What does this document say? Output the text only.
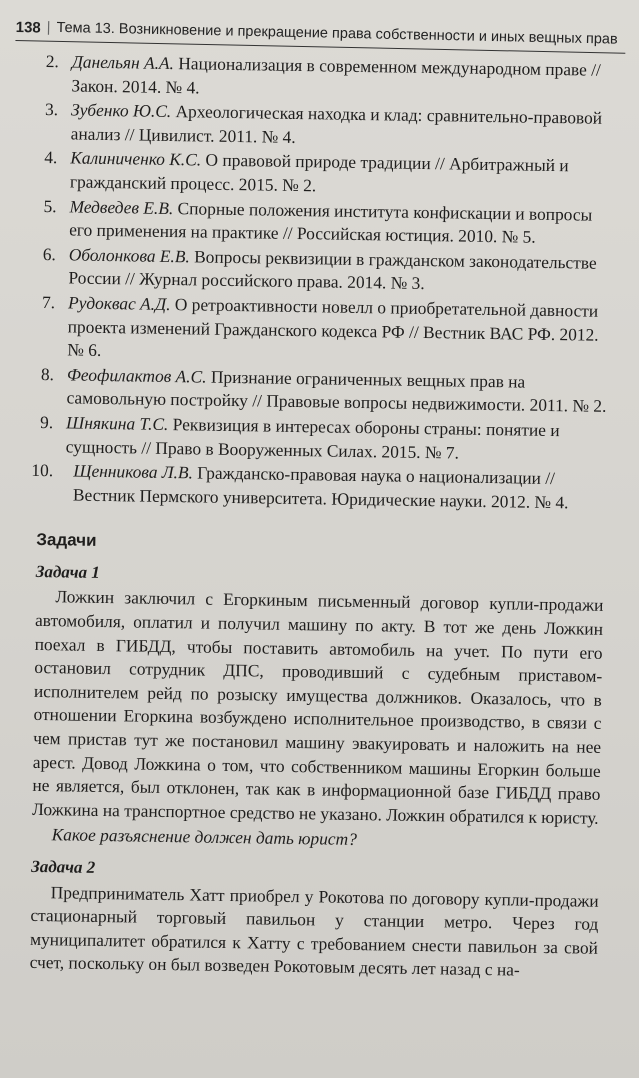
138 | Тема 13. Возникновение и прекращение права собственности и иных вещных прав
2. Данельян А.А. Национализация в современном международном праве // Закон. 2014. № 4.
3. Зубенко Ю.С. Археологическая находка и клад: сравнительно-правовой анализ // Цивилист. 2011. № 4.
4. Калиниченко К.С. О правовой природе традиции // Арбитражный и гражданский процесс. 2015. № 2.
5. Медведев Е.В. Спорные положения института конфискации и вопросы его применения на практике // Российская юстиция. 2010. № 5.
6. Оболонкова Е.В. Вопросы реквизиции в гражданском законодательстве России // Журнал российского права. 2014. № 3.
7. Рудокваc А.Д. О ретроактивности новелл о приобретательной давности проекта изменений Гражданского кодекса РФ // Вестник ВАС РФ. 2012. № 6.
8. Феофилактов А.С. Признание ограниченных вещных прав на самовольную постройку // Правовые вопросы недвижимости. 2011. № 2.
9. Шнякина Т.С. Реквизиция в интересах обороны страны: понятие и сущность // Право в Вооруженных Силах. 2015. № 7.
10. Щенникова Л.В. Гражданско-правовая наука о национализации // Вестник Пермского университета. Юридические науки. 2012. № 4.
Задачи
Задача 1

Ложкин заключил с Егоркиным письменный договор купли-продажи автомобиля, оплатил и получил машину по акту. В тот же день Ложкин поехал в ГИБДД, чтобы поставить автомобиль на учет. По пути его остановил сотрудник ДПС, проводивший с судебным приставом-исполнителем рейд по розыску имущества должников. Оказалось, что в отношении Егоркина возбуждено исполнительное производство, в связи с чем пристав тут же постановил машину эвакуировать и наложить на нее арест. Довод Ложкина о том, что собственником машины Егоркин больше не является, был отклонен, так как в информационной базе ГИБДД право Ложкина на транспортное средство не указано. Ложкин обратился к юристу.

Какое разъяснение должен дать юрист?

Задача 2

Предприниматель Хатт приобрел у Рокотова по договору купли-продажи стационарный торговый павильон у станции метро. Через год муниципалитет обратился к Хатту с требованием снести павильон за свой счет, поскольку он был возведен Рокотовым десять лет назад с на-
